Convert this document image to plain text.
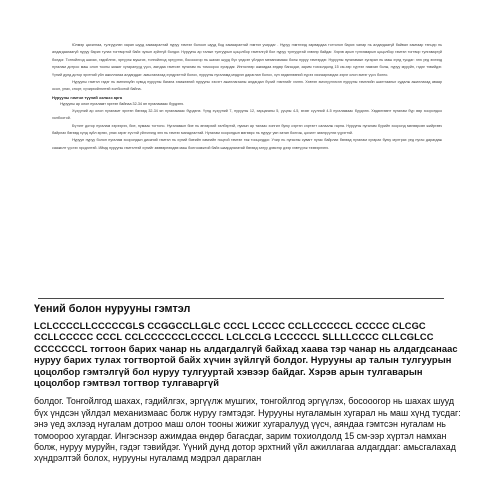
Юлмэр цахилгаа, тулгуурлэн харан шууд хамааралтай нуруу гэмтэл болоон шууд бод хамааралтай гэмтэл учирдаг . Нуруу гэмтлээд харвардаа тогтолон барих чанар нь алдагдаагүй байвал хамгаар тэнцэр нь алдагдаагаагүй нуруу барих тулах тогтвортой байх чухын зүйлгүй болдог. Нурууны ар талын тулгуурын цоцолбор гэмтэлгүй бол нуруу тулгууртай хэвэнр байдаг. Хэрэв арын түлхэмарын цоцолбор гэмтэл тогтвор тулгаваргүй болдог. Тонгойлгод шахах, гэдийлгэх, эргүүлж мушгих, тонгойлгод эргүүлэх, босооогор нь шахах шууд бүх үндсэн үйлдэл механизмаас болж нуруу гэмтэрдэг. Нурууны нугаламын хугарал нь маш хүнд тусдаг: энэ үед эхлээд нугалам дотроо маш олон тооны жижиг хугаралуүд үүсч, аяндаа гэмтсэн нугалам нь томоороо хугардаг. Ингэснээр ажимдаа өндөр багасдаг, зарим тохиолдолд 15 см-ээр хүртэл намхан болж, нуруу муруйн, гэдэг тэвийдэг. Үүний дунд дотор эрхтний үйл ажиллагаа алдагддаг: амьсгалахад хүндрэлтэй болох, нурууны нугаламд мэдрэл дараглан болох, хүн хөдөлгөөний хүрээ хязгаарлагдах зэрэг олон эмгэг үүсч болно.

Нурууны гэмтэл гэдэг нь эмнэлзүйн хувьд нурууны багана хэмжээний нурууны хэсэгт ажиллагааны алдагдал бүхий гэмтлийг хэлнэ. Хэвтэн эмчлүүлэгсэн нурууны гэмтлийн шалтгааныг судалж ажиллахад аваар осол, унах, спорт, хүчирхийлэлтэй холбоотой байна.

Нурууны гэмтэл түүний ээлжээ арга

Нурууны ар олон нугаламт эрхтэн байнаа 32-34 ян нугаламаас бүрдэнэ.

Хүзүүний ар олон нугаламт эрхтэн бөгөөд 32-34 ян нугаламаас бүрдэнэ. Үүнд хүзүүний 7, нурууны 12, харцаганы 5, ууцны 4-5, өгзөг сүүлний 4-5 нугаламаас бүрдэнэ. Хөдөлгөөнт нугалам бүр өөр хоорондоо холбоотой.

Бүтэлт дотор нугалам хэрээрээ, бие, нумаас тогтоно. Нугаламын бие нь өнхөрхий хэлбэртэй, нумын ар талаас хонгил буюу сэртэн сэртэлт салаалж гарна. Нурууны нугалам бүрийн хооронд мөгөөрсөн жийргэвч байрлах бөгөөд хүнд зүйл өргөх, унах зэрэг хүчтэй үйлчлэлд энэ нь гэмтэх магадлалтай. Нугалам хоорондын мөгөөрс нь нурууг уян хатан болгож, цохилт зөөлрүүлэх үүрэгтэй.

Нуруун нуруу болон нугалам хоорондын дискний гэмтэл нь хүний биеийн хамгийн ноцтой гэмтэл гэж тооцогддог. Учир нь нугасны сувагт нугас байрлах бөгөөд нугалам хугарах буюу мултрах үед нугас дарагдаж саажилт үүсгэх эрсдэлтэй. Иймд нурууны гэмтэлтэй хүнийг зөөвөрлөхдөө маш болгоомжтой байх шаардлагатай бөгөөд хатуу дэвсгэр дээр хэвтүүлж тээвэрлэнэ.

Үений болон нурууны гэмтэл

LCLCCCCLLCCCCCGLS CCGGCCLLGLC CCCL LCCCC CCLLCCCCCL CCCCC CLCGC CCLLCCCCC CCCL CCLCCCCCCLCCCCL LCLCCLG LCCCCCL SLLLLCCCC CLLCGLCC CCCCCCCL тогтоон барих чанар нь алдагдалгүй байхад хаава тэр чанар нь алдагдсанаас нуруу барих тулах тогтвортой байх хүчин зүйлгүй болдог. Нурууны ар талын тулгуурын цоцолбор гэмтэлгүй бол нуруу тулгууртай хэвээр байдаг. Хэрэв арын тулгаварын цоцолбор гэмтвэл тогтвор тулгаваргүй

болдог. Тонгойлгод шахах, гэдийлгэх, эргүүлж мушгих, тонгойлгод эргүүлэх, босооогор нь шахах шууд бүх үндсэн үйлдэл механизмаас болж нуруу гэмтэдэг. Нурууны нугаламын хугарал нь маш хүнд тусдаг: энэ үед эхлээд нугалам дотроо маш олон тооны жижиг хугаралууд үүсч, аяндаа гэмтсэн нугалам нь томоороо хугардаг. Ингэснээр ажимдаа өндөр багасдаг, зарим тохиолдолд 15 см-ээр хүртэл намхан болж, нуруу муруйн, гэдэг тэвийдэг. Үүний дунд дотор эрхтний үйл ажиллагаа алдагддаг: амьсгалахад хүндрэлтэй болох, нурууны нугаламд мэдрэл дараглан
